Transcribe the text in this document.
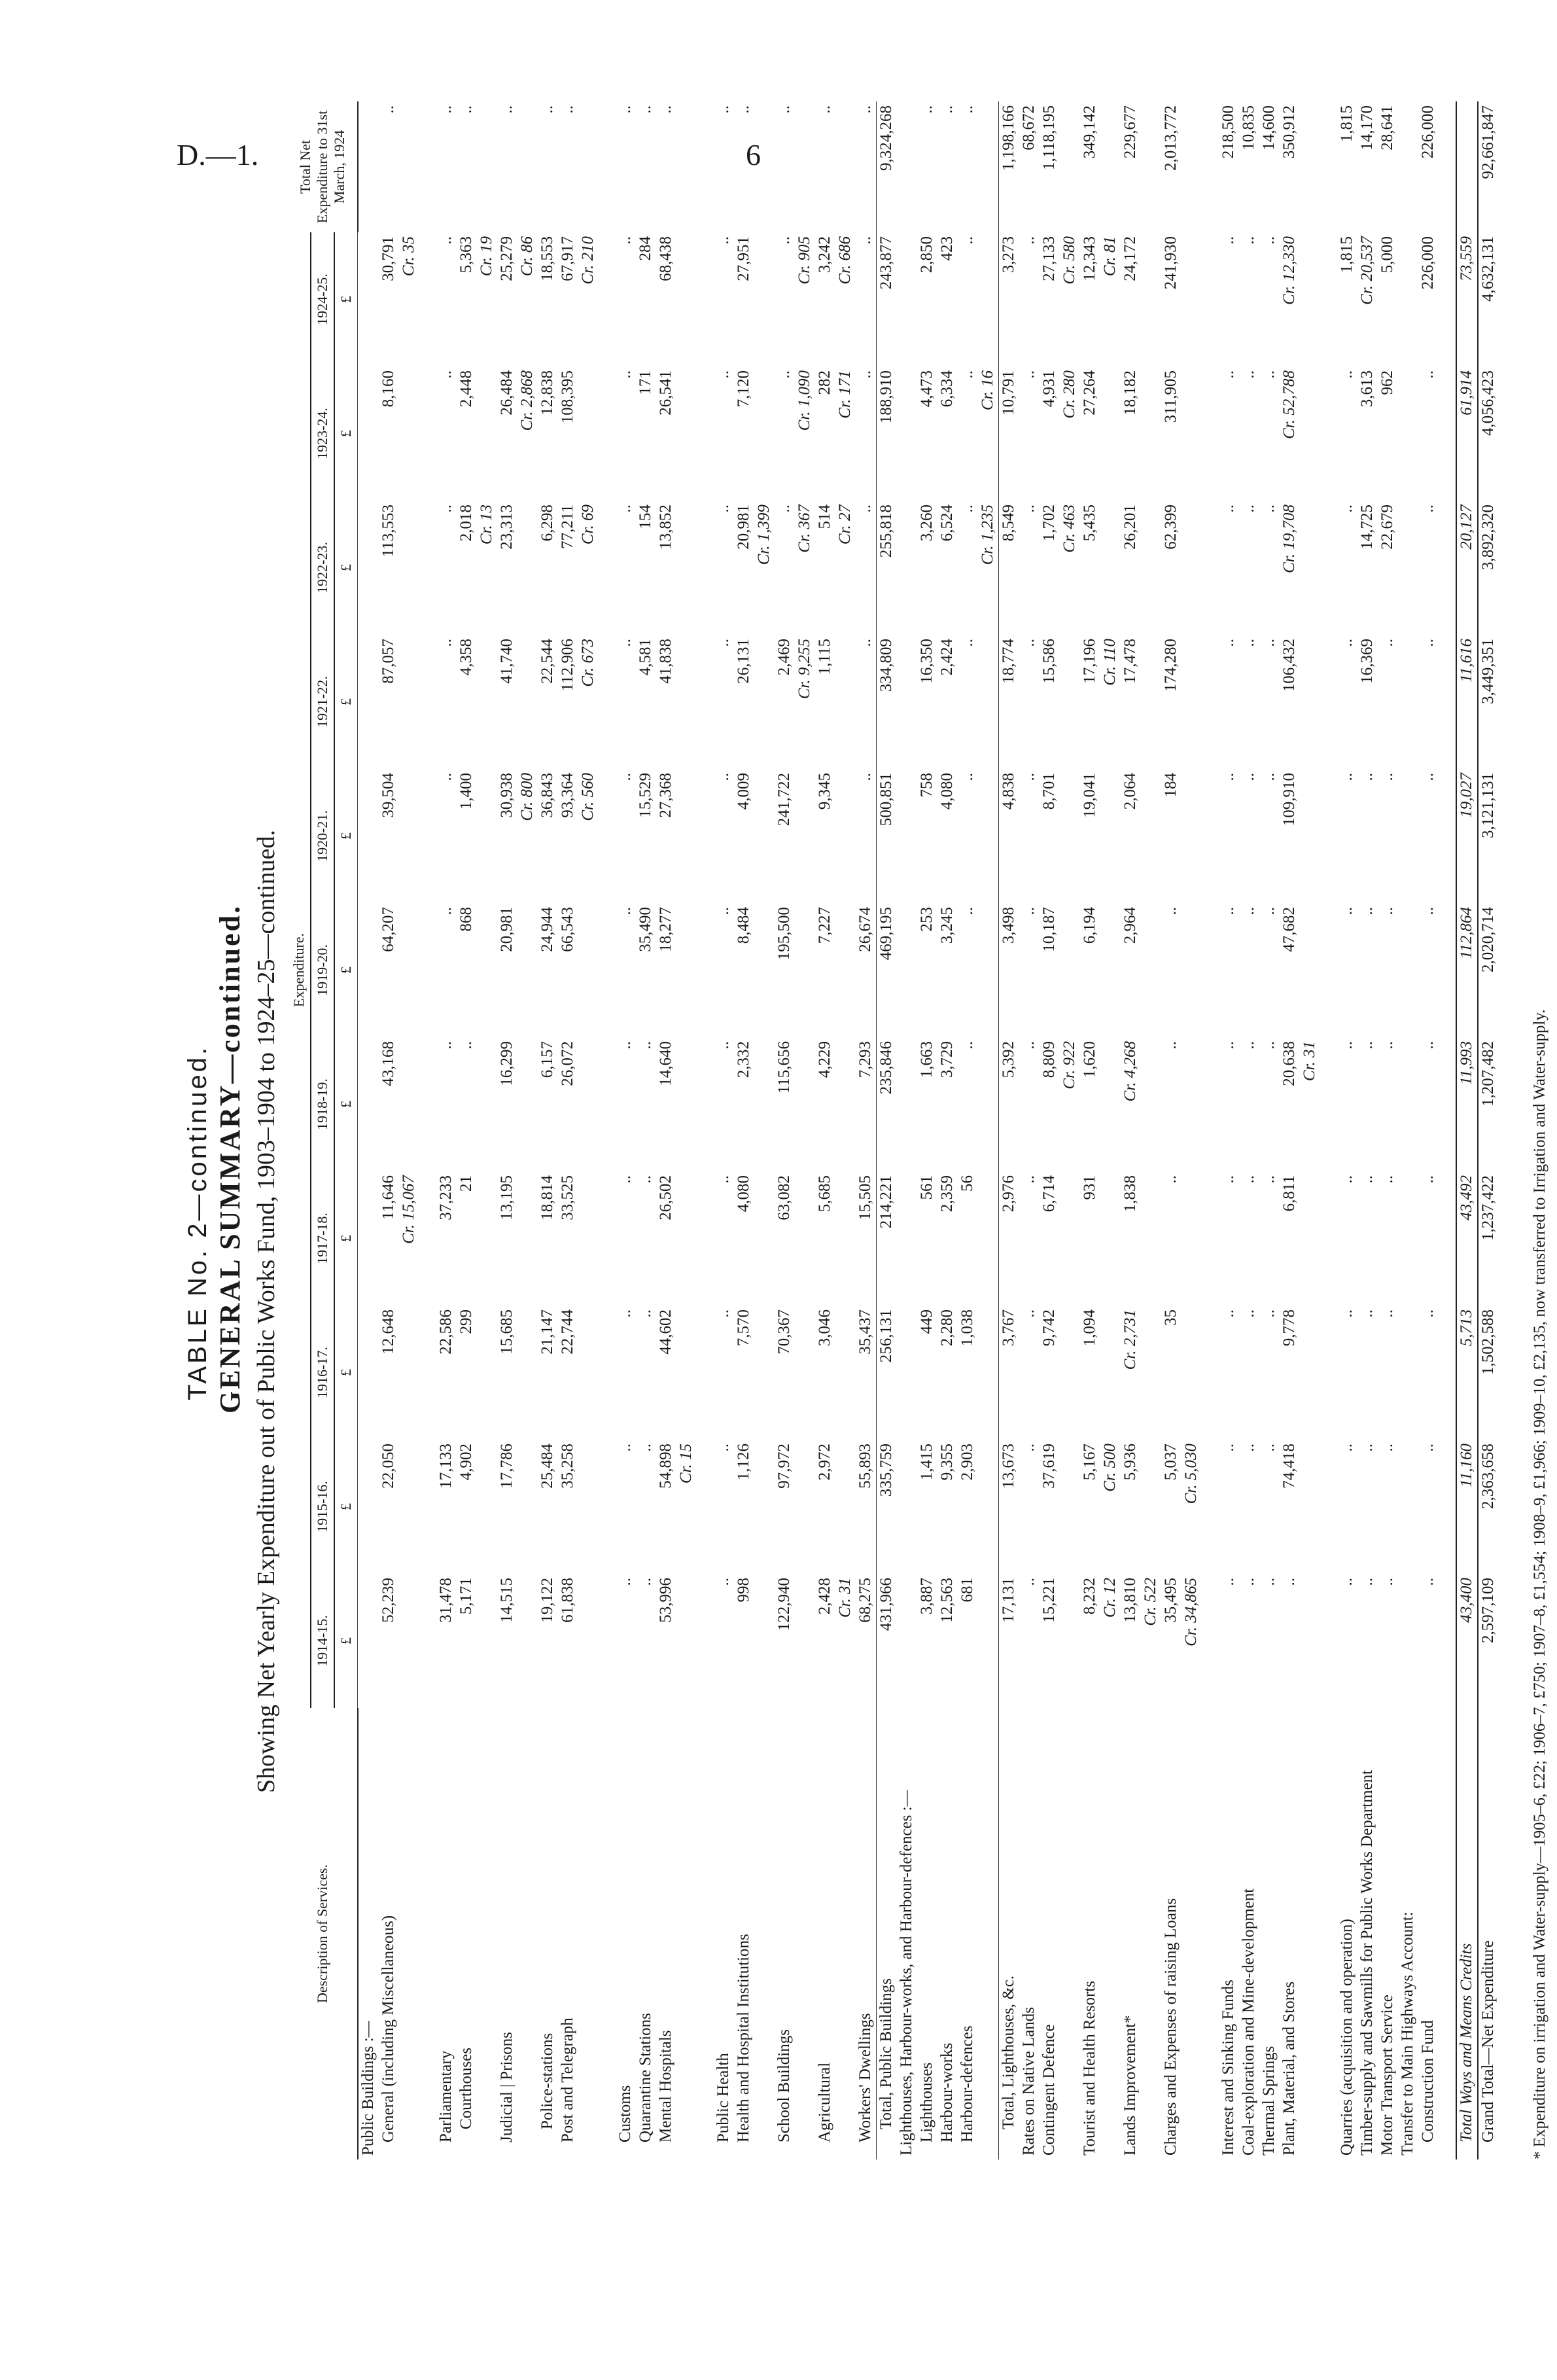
D.—1.	6
TABLE No. 2—continued. GENERAL SUMMARY—continued. Showing Net Yearly Expenditure out of Public Works Fund, 1903–1904 to 1924–25—continued.
Description of Services.	Expenditure.											Total Net Expenditure to 31st March, 1924
	1914-15.	1915-16.	1916-17.	1917-18.	1918-19.	1919-20.	1920-21.	1921-22.	1922-23.	1923-24.	1924-25.	
	£	£	£	£	£	£	£	£	£	£	£	
Public Buildings :—												
General (including Miscellaneous)	52,239	22,050	12,648	11,646	43,168	64,207	39,504	87,057	113,553	8,160	30,791	..
				Cr. 15,067							Cr. 35	

Parliamentary	31,478	17,133	22,586	37,233	..	..	..	..	..	..	..	..
Courthouses	5,171	4,902	299	21	..	868	1,400	4,358	2,018	2,448	5,363	..
									Cr. 13		Cr. 19	
Judicial | Prisons	14,515	17,786	15,685	13,195	16,299	20,981	30,938	41,740	23,313	26,484	25,279	..
							Cr. 800			Cr. 2,868	Cr. 86	
Police-stations	19,122	25,484	21,147	18,814	6,157	24,944	36,843	22,544	6,298	12,838	18,553	..
Post and Telegraph	61,838	35,258	22,744	33,525	26,072	66,543	93,364	112,906	77,211	108,395	67,917	..
							Cr. 560	Cr. 673	Cr. 69		Cr. 210	

Customs	..	..	..	..	..	..	..	..	..	..	..	..
Quarantine Stations	..	..	..	..	..	35,490	15,529	4,581	154	171	284	..
Mental Hospitals	53,996	54,898	44,602	26,502	14,640	18,277	27,368	41,838	13,852	26,541	68,438	..
		Cr. 15										

Public Health	..	..	..	..	..	..	..	..	..	..	..	..
Health and Hospital Institutions	998	1,126	7,570	4,080	2,332	8,484	4,009	26,131	20,981	7,120	27,951	..
									Cr. 1,399			
School Buildings	122,940	97,972	70,367	63,082	115,656	195,500	241,722	2,469	..	..	..	..
								Cr. 9,255	Cr. 367	Cr. 1,090	Cr. 905	
Agricultural	2,428	2,972	3,046	5,685	4,229	7,227	9,345	1,115	514	282	3,242	..
	Cr. 31								Cr. 27	Cr. 171	Cr. 686	
Workers' Dwellings	68,275	55,893	35,437	15,505	7,293	26,674	..	..	..	..	..	..
Total, Public Buildings	431,966	335,759	256,131	214,221	235,846	469,195	500,851	334,809	255,818	188,910	243,877	9,324,268
Lighthouses, Harbour-works, and Harbour-defences :—												
Lighthouses	3,887	1,415	449	561	1,663	253	758	16,350	3,260	4,473	2,850	..
Harbour-works	12,563	9,355	2,280	2,359	3,729	3,245	4,080	2,424	6,524	6,334	423	..
Harbour-defences	681	2,903	1,038	56	..	..	..	..	..	..	..	..
									Cr. 1,235	Cr. 16		
Total, Lighthouses, &c.	17,131	13,673	3,767	2,976	5,392	3,498	4,838	18,774	8,549	10,791	3,273	1,198,166
Rates on Native Lands	..	..	..	..	..	..	..	..	..	..	..	68,672
Contingent Defence	15,221	37,619	9,742	6,714	8,809	10,187	8,701	15,586	1,702	4,931	27,133	1,118,195
					Cr. 922				Cr. 463	Cr. 280	Cr. 580	
Tourist and Health Resorts	8,232	5,167	1,094	931	1,620	6,194	19,041	17,196	5,435	27,264	12,343	349,142
	Cr. 12	Cr. 500						Cr. 110			Cr. 81	
Lands Improvement*	13,810	5,936	Cr. 2,731	1,838	Cr. 4,268	2,964	2,064	17,478	26,201	18,182	24,172	229,677
	Cr. 522											
Charges and Expenses of raising Loans	35,495	5,037	35	..	..	..	184	174,280	62,399	311,905	241,930	2,013,772
	Cr. 34,865	Cr. 5,030										

Interest and Sinking Funds	..	..	..	..	..	..	..	..	..	..	..	218,500
Coal-exploration and Mine-development	..	..	..	..	..	..	..	..	..	..	..	10,835
Thermal Springs	..	..	..	..	..	..	..	..	..	..	..	14,600
Plant, Material, and Stores	..	74,418	9,778	6,811	20,638	47,682	109,910	106,432	Cr. 19,708	Cr. 52,788	Cr. 12,330	350,912
					Cr. 31							

Quarries (acquisition and operation)	..	..	..	..	..	..	..	..	..	..	1,815	1,815
Timber-supply and Sawmills for Public Works Department	..	..	..	..	..	..	..	16,369	14,725	3,613	Cr. 20,537	14,170
Motor Transport Service	..	..	..	..	..	..	..	..	22,679	962	5,000	28,641
Transfer to Main Highways Account:												
Construction Fund	..	..	..	..	..	..	..	..	..	..	226,000	226,000

Total Ways and Means Credits	43,400	11,160	5,713	43,492	11,993	112,864	19,027	11,616	20,127	61,914	73,559	
Grand Total—Net Expenditure	2,597,109	2,363,658	1,502,588	1,237,422	1,207,482	2,020,714	3,121,131	3,449,351	3,892,320	4,056,423	4,632,131	92,661,847
* Expenditure on irrigation and Water-supply—1905–6, £22; 1906–7, £750; 1907–8, £1,554; 1908–9, £1,966; 1909–10, £2,135, now transferred to Irrigation and Water-supply.
